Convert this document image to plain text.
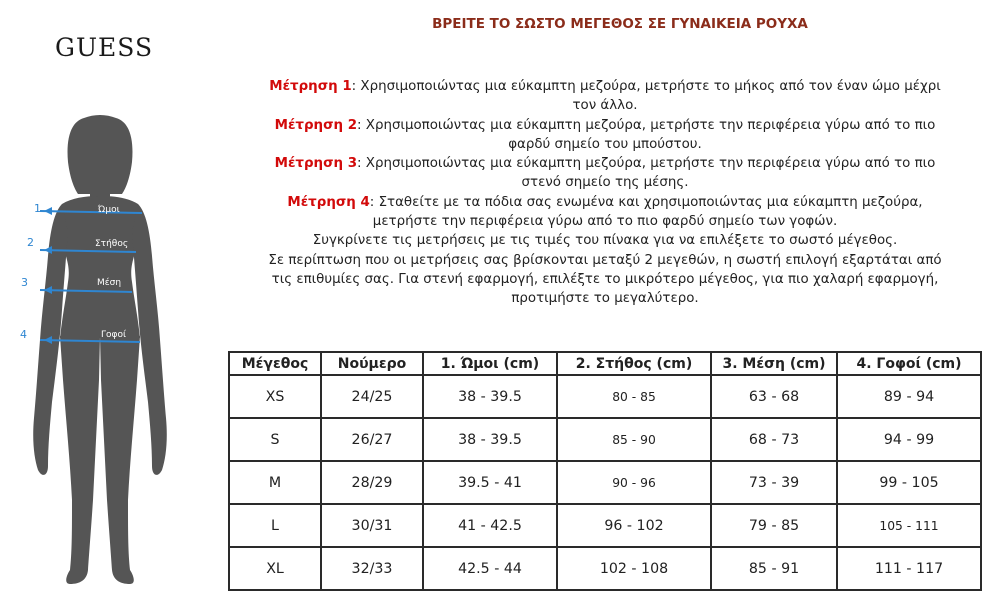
GUESS
ΒΡΕΙΤΕ ΤΟ ΣΩΣΤΟ ΜΕΓΕΘΟΣ ΣΕ ΓΥΝΑΙΚΕΙΑ ΡΟΥΧΑ
1	Ώμοι
2	Στήθος
3	Μέση
4	Γοφοί

Μέτρηση 1: Χρησιμοποιώντας μια εύκαμπτη μεζούρα, μετρήστε το μήκος από τον έναν ώμο μέχρι

τον άλλο.

Μέτρηση 2: Χρησιμοποιώντας μια εύκαμπτη μεζούρα, μετρήστε την περιφέρεια γύρω από το πιο

φαρδύ σημείο του μπούστου.

Μέτρηση 3: Χρησιμοποιώντας μια εύκαμπτη μεζούρα, μετρήστε την περιφέρεια γύρω από το πιο

στενό σημείο της μέσης.

Μέτρηση 4: Σταθείτε με τα πόδια σας ενωμένα και χρησιμοποιώντας μια εύκαμπτη μεζούρα,

μετρήστε την περιφέρεια γύρω από το πιο φαρδύ σημείο των γοφών.

Συγκρίνετε τις μετρήσεις με τις τιμές του πίνακα για να επιλέξετε το σωστό μέγεθος.

Σε περίπτωση που οι μετρήσεις σας βρίσκονται μεταξύ 2 μεγεθών, η σωστή επιλογή εξαρτάται από

τις επιθυμίες σας. Για στενή εφαρμογή, επιλέξτε το μικρότερο μέγεθος, για πιο χαλαρή εφαρμογή,

προτιμήστε το μεγαλύτερο.

Μέγεθος	Νούμερο	1. Ώμοι (cm)	2. Στήθος (cm)	3. Μέση (cm)	4. Γοφοί (cm)
XS	24/25	38 - 39.5	80 - 85	63 - 68	89 - 94
S	26/27	38 - 39.5	85 - 90	68 - 73	94 - 99
M	28/29	39.5 - 41	90 - 96	73 - 39	99 - 105
L	30/31	41 - 42.5	96 - 102	79 - 85	105 - 111
XL	32/33	42.5 - 44	102 - 108	85 - 91	111 - 117
